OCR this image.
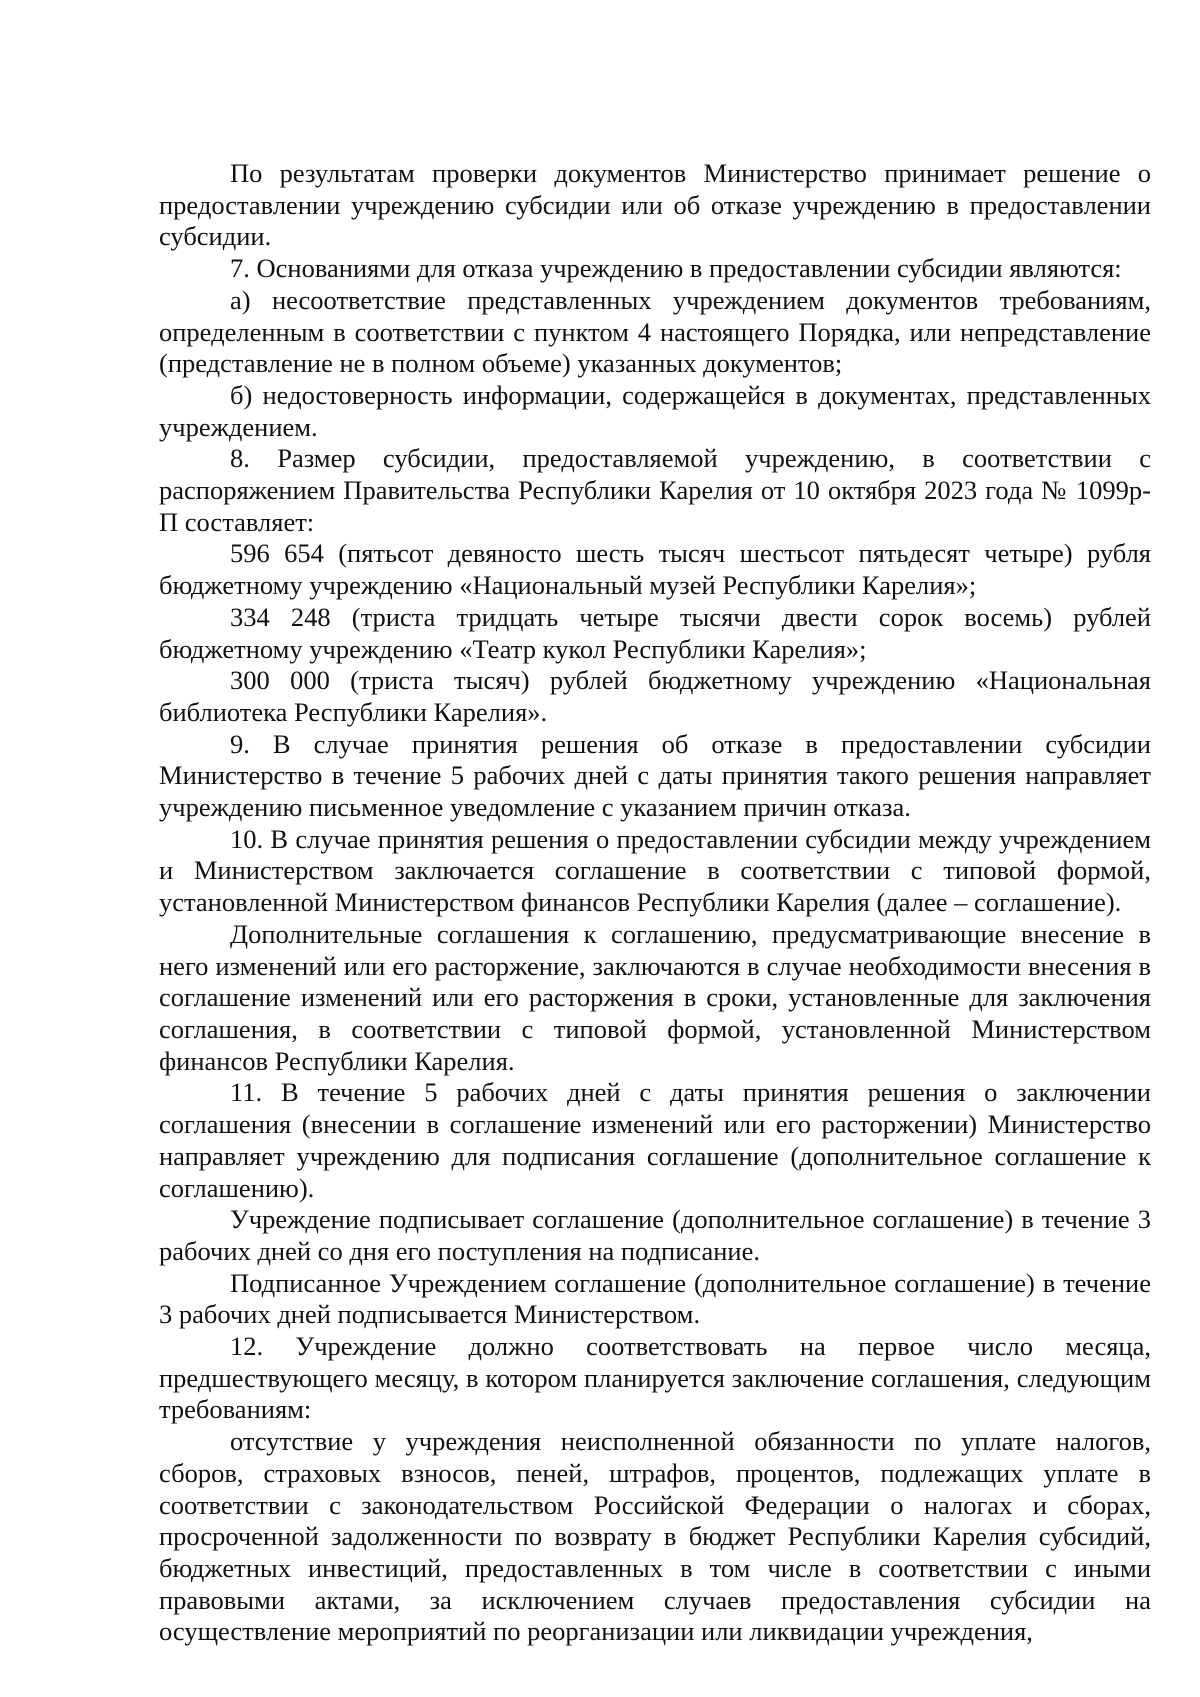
По результатам проверки документов Министерство принимает решение о предоставлении учреждению субсидии или об отказе учреждению в предоставлении субсидии.

7. Основаниями для отказа учреждению в предоставлении субсидии являются:

а) несоответствие представленных учреждением документов требованиям, определенным в соответствии с пунктом 4 настоящего Порядка, или непредставление (представление не в полном объеме) указанных документов;

б) недостоверность информации, содержащейся в документах, представленных учреждением.

8. Размер субсидии, предоставляемой учреждению, в соответствии с распоряжением Правительства Республики Карелия от 10 октября 2023 года № 1099р-П составляет:

596 654 (пятьсот девяносто шесть тысяч шестьсот пятьдесят четыре) рубля бюджетному учреждению «Национальный музей Республики Карелия»;

334 248 (триста тридцать четыре тысячи двести сорок восемь) рублей бюджетному учреждению «Театр кукол Республики Карелия»;

300 000 (триста тысяч) рублей бюджетному учреждению «Национальная библиотека Республики Карелия».

9. В случае принятия решения об отказе в предоставлении субсидии Министерство в течение 5 рабочих дней с даты принятия такого решения направляет учреждению письменное уведомление с указанием причин отказа.

10. В случае принятия решения о предоставлении субсидии между учреждением и Министерством заключается соглашение в соответствии с типовой формой, установленной Министерством финансов Республики Карелия (далее – соглашение).

Дополнительные соглашения к соглашению, предусматривающие внесение в него изменений или его расторжение, заключаются в случае необходимости внесения в соглашение изменений или его расторжения в сроки, установленные для заключения соглашения, в соответствии с типовой формой, установленной Министерством финансов Республики Карелия.

11. В течение 5 рабочих дней с даты принятия решения о заключении соглашения (внесении в соглашение изменений или его расторжении) Министерство направляет учреждению для подписания соглашение (дополнительное соглашение к соглашению).

Учреждение подписывает соглашение (дополнительное соглашение) в течение 3 рабочих дней со дня его поступления на подписание.

Подписанное Учреждением соглашение (дополнительное соглашение) в течение 3 рабочих дней подписывается Министерством.

12. Учреждение должно соответствовать на первое число месяца, предшествующего месяцу, в котором планируется заключение соглашения, следующим требованиям:

отсутствие у учреждения неисполненной обязанности по уплате налогов, сборов, страховых взносов, пеней, штрафов, процентов, подлежащих уплате в соответствии с законодательством Российской Федерации о налогах и сборах, просроченной задолженности по возврату в бюджет Республики Карелия субсидий, бюджетных инвестиций, предоставленных в том числе в соответствии с иными правовыми актами, за исключением случаев предоставления субсидии на осуществление мероприятий по реорганизации или ликвидации учреждения,
